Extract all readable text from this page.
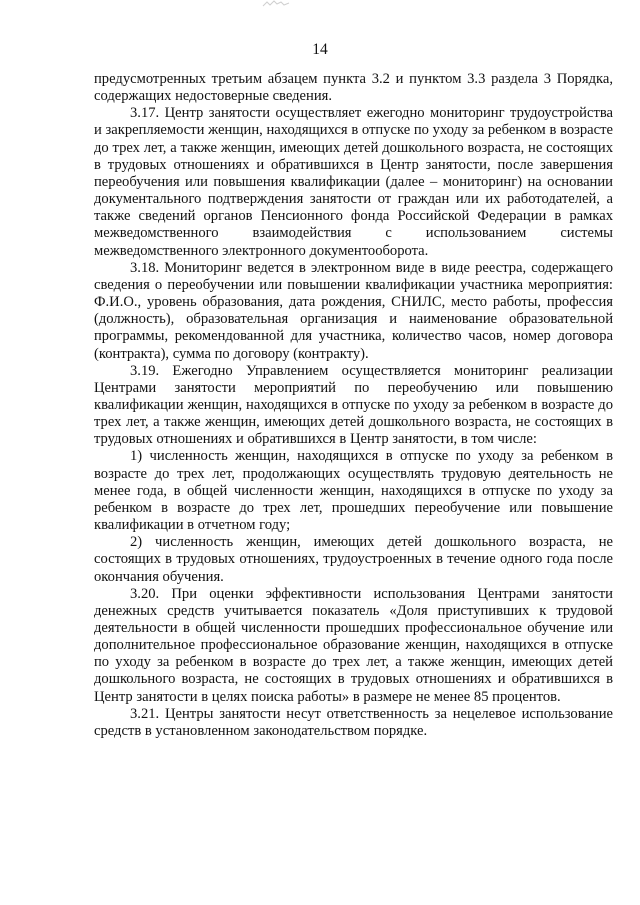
14

предусмотренных третьим абзацем пункта 3.2 и пунктом 3.3 раздела 3 Порядка, содержащих недостоверные сведения.

3.17. Центр занятости осуществляет ежегодно мониторинг трудоустройства и закрепляемости женщин, находящихся в отпуске по уходу за ребенком в возрасте до трех лет, а также женщин, имеющих детей дошкольного возраста, не состоящих в трудовых отношениях и обратившихся в Центр занятости, после завершения переобучения или повышения квалификации (далее – мониторинг) на основании документального подтверждения занятости от граждан или их работодателей, а также сведений органов Пенсионного фонда Российской Федерации в рамках межведомственного взаимодействия с использованием системы межведомственного электронного документооборота.

3.18. Мониторинг ведется в электронном виде в виде реестра, содержащего сведения о переобучении или повышении квалификации участника мероприятия: Ф.И.О., уровень образования, дата рождения, СНИЛС, место работы, профессия (должность), образовательная организация и наименование образовательной программы, рекомендованной для участника, количество часов, номер договора (контракта), сумма по договору (контракту).

3.19. Ежегодно Управлением осуществляется мониторинг реализации Центрами занятости мероприятий по переобучению или повышению квалификации женщин, находящихся в отпуске по уходу за ребенком в возрасте до трех лет, а также женщин, имеющих детей дошкольного возраста, не состоящих в трудовых отношениях и обратившихся в Центр занятости, в том числе:

1) численность женщин, находящихся в отпуске по уходу за ребенком в возрасте до трех лет, продолжающих осуществлять трудовую деятельность не менее года, в общей численности женщин, находящихся в отпуске по уходу за ребенком в возрасте до трех лет, прошедших переобучение или повышение квалификации в отчетном году;

2) численность женщин, имеющих детей дошкольного возраста, не состоящих в трудовых отношениях, трудоустроенных в течение одного года после окончания обучения.

3.20. При оценки эффективности использования Центрами занятости денежных средств учитывается показатель «Доля приступивших к трудовой деятельности в общей численности прошедших профессиональное обучение или дополнительное профессиональное образование женщин, находящихся в отпуске по уходу за ребенком в возрасте до трех лет, а также женщин, имеющих детей дошкольного возраста, не состоящих в трудовых отношениях и обратившихся в Центр занятости в целях поиска работы» в размере не менее 85 процентов.

3.21. Центры занятости несут ответственность за нецелевое использование средств в установленном законодательством порядке.
